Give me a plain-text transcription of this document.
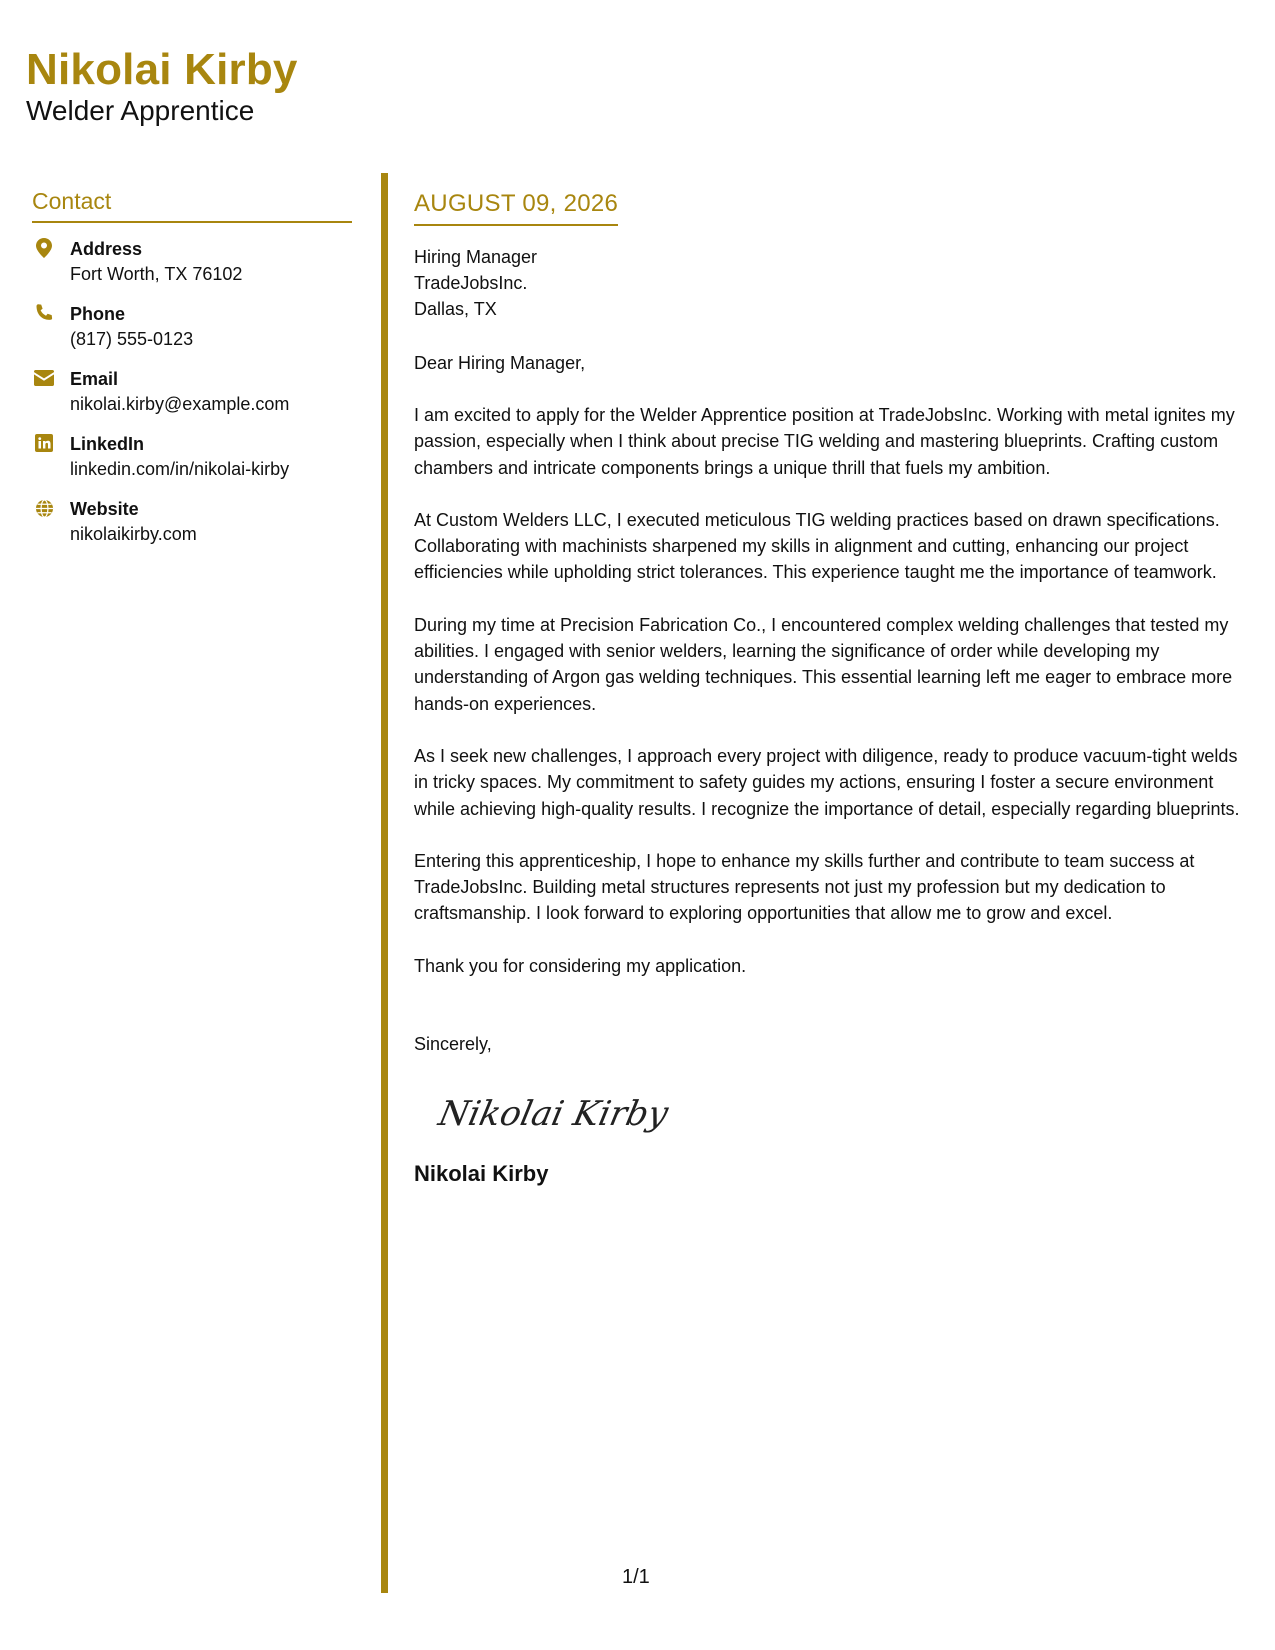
Nikolai Kirby
Welder Apprentice
Contact
Address
Fort Worth, TX 76102
Phone
(817) 555-0123
Email
nikolai.kirby@example.com
LinkedIn
linkedin.com/in/nikolai-kirby
Website
nikolaikirby.com
AUGUST 09, 2026
Hiring Manager
TradeJobsInc.
Dallas, TX
Dear Hiring Manager,
I am excited to apply for the Welder Apprentice position at TradeJobsInc. Working with metal ignites my passion, especially when I think about precise TIG welding and mastering blueprints. Crafting custom chambers and intricate components brings a unique thrill that fuels my ambition.
At Custom Welders LLC, I executed meticulous TIG welding practices based on drawn specifications. Collaborating with machinists sharpened my skills in alignment and cutting, enhancing our project efficiencies while upholding strict tolerances. This experience taught me the importance of teamwork.
During my time at Precision Fabrication Co., I encountered complex welding challenges that tested my abilities. I engaged with senior welders, learning the significance of order while developing my understanding of Argon gas welding techniques. This essential learning left me eager to embrace more hands-on experiences.
As I seek new challenges, I approach every project with diligence, ready to produce vacuum-tight welds in tricky spaces. My commitment to safety guides my actions, ensuring I foster a secure environment while achieving high-quality results. I recognize the importance of detail, especially regarding blueprints.
Entering this apprenticeship, I hope to enhance my skills further and contribute to team success at TradeJobsInc. Building metal structures represents not just my profession but my dedication to craftsmanship. I look forward to exploring opportunities that allow me to grow and excel.
Thank you for considering my application.
Sincerely,
Nikolai Kirby
Nikolai Kirby
1/1
